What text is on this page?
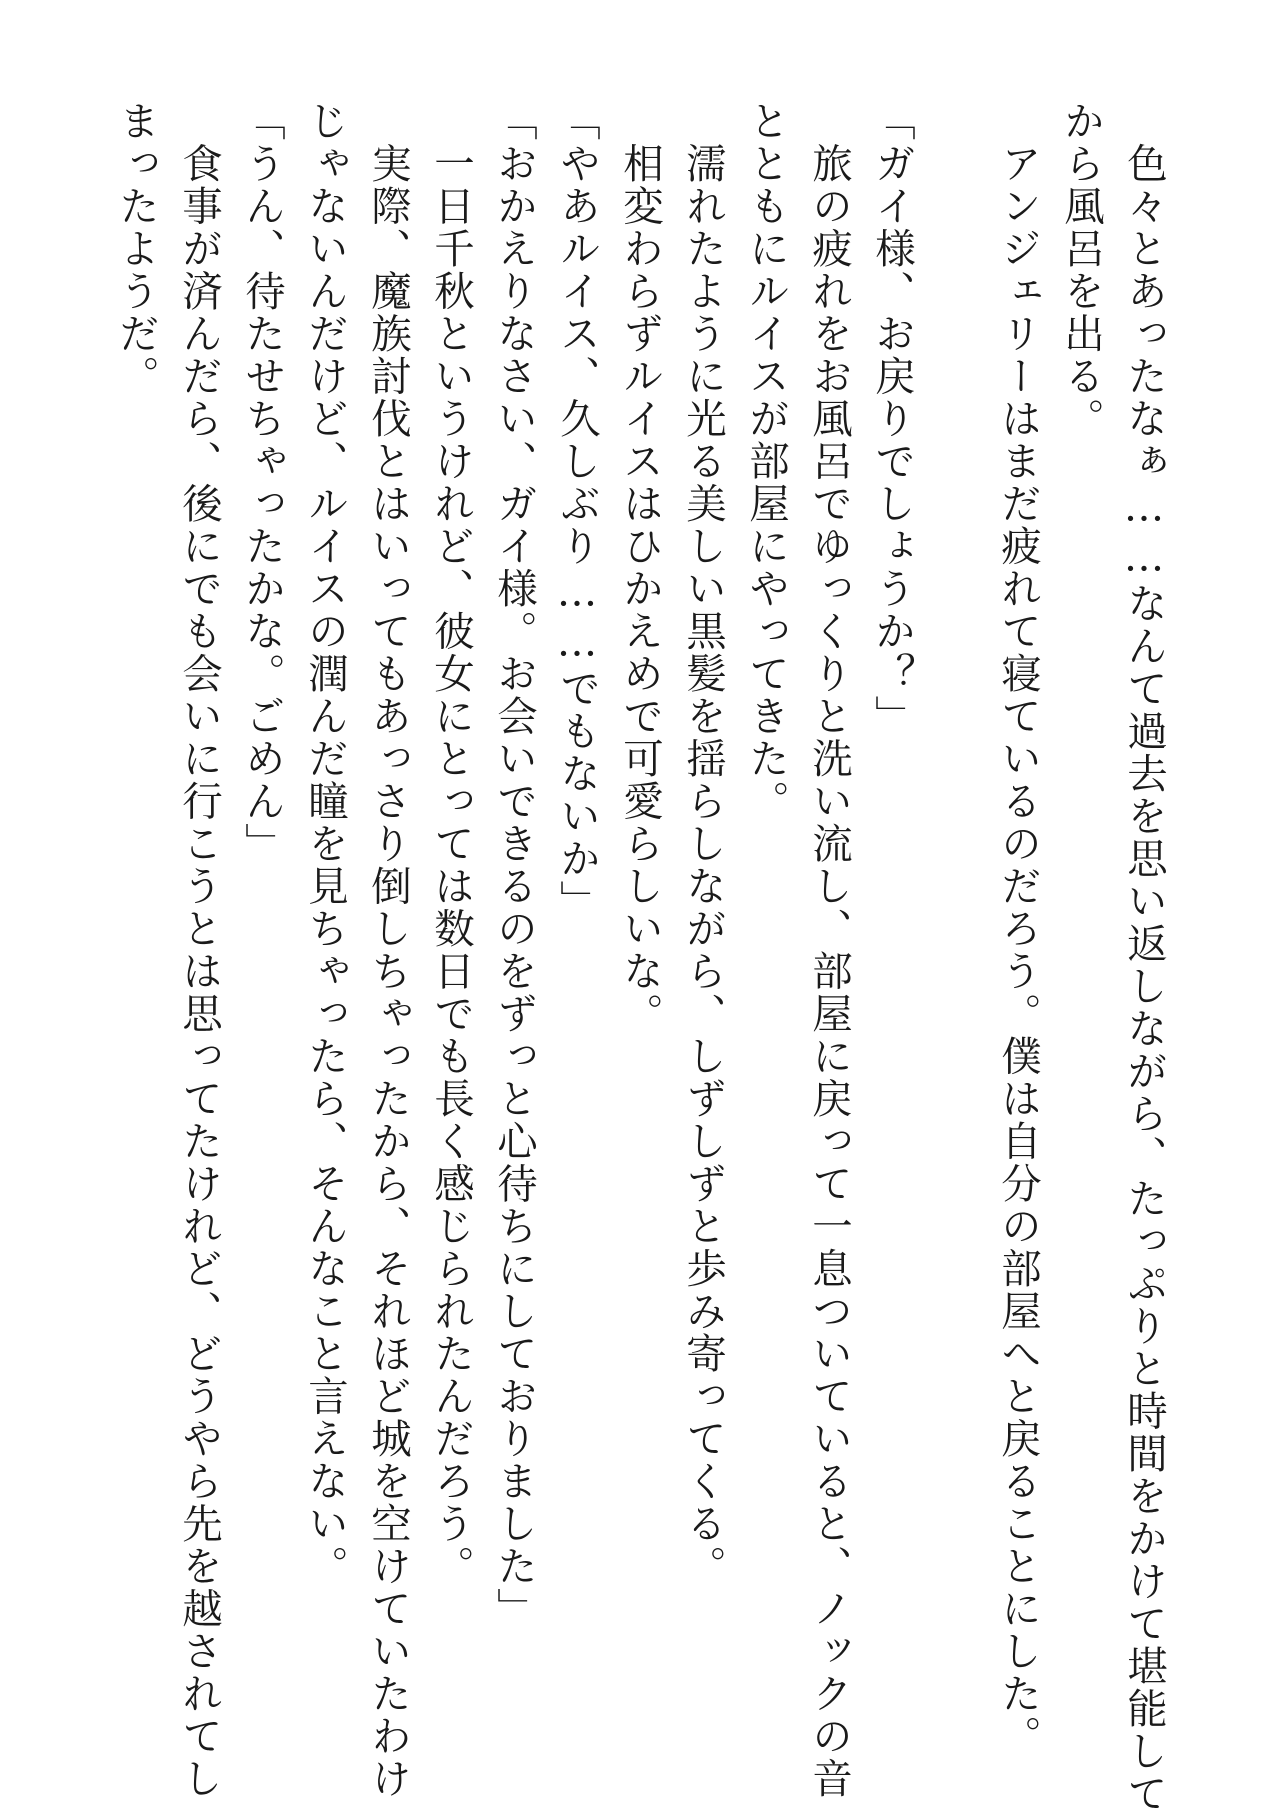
　色々とあったなぁ……なんて過去を思い返しながら、たっぷりと時間をかけて堪能して

から風呂を出る。

　アンジェリーはまだ疲れて寝ているのだろう。僕は自分の部屋へと戻ることにした。

「ガイ様、お戻りでしょうか？」

　旅の疲れをお風呂でゆっくりと洗い流し、部屋に戻って一息ついていると、ノックの音

とともにルイスが部屋にやってきた。

　濡れたように光る美しい黒髪を揺らしながら、しずしずと歩み寄ってくる。

　相変わらずルイスはひかえめで可愛らしいな。

「やあルイス、久しぶり……でもないか」

「おかえりなさい、ガイ様。お会いできるのをずっと心待ちにしておりました」

　一日千秋というけれど、彼女にとっては数日でも長く感じられたんだろう。

　実際、魔族討伐とはいってもあっさり倒しちゃったから、それほど城を空けていたわけ

じゃないんだけど、ルイスの潤んだ瞳を見ちゃったら、そんなこと言えない。

「うん、待たせちゃったかな。ごめん」

　食事が済んだら、後にでも会いに行こうとは思ってたけれど、どうやら先を越されてし

まったようだ。
